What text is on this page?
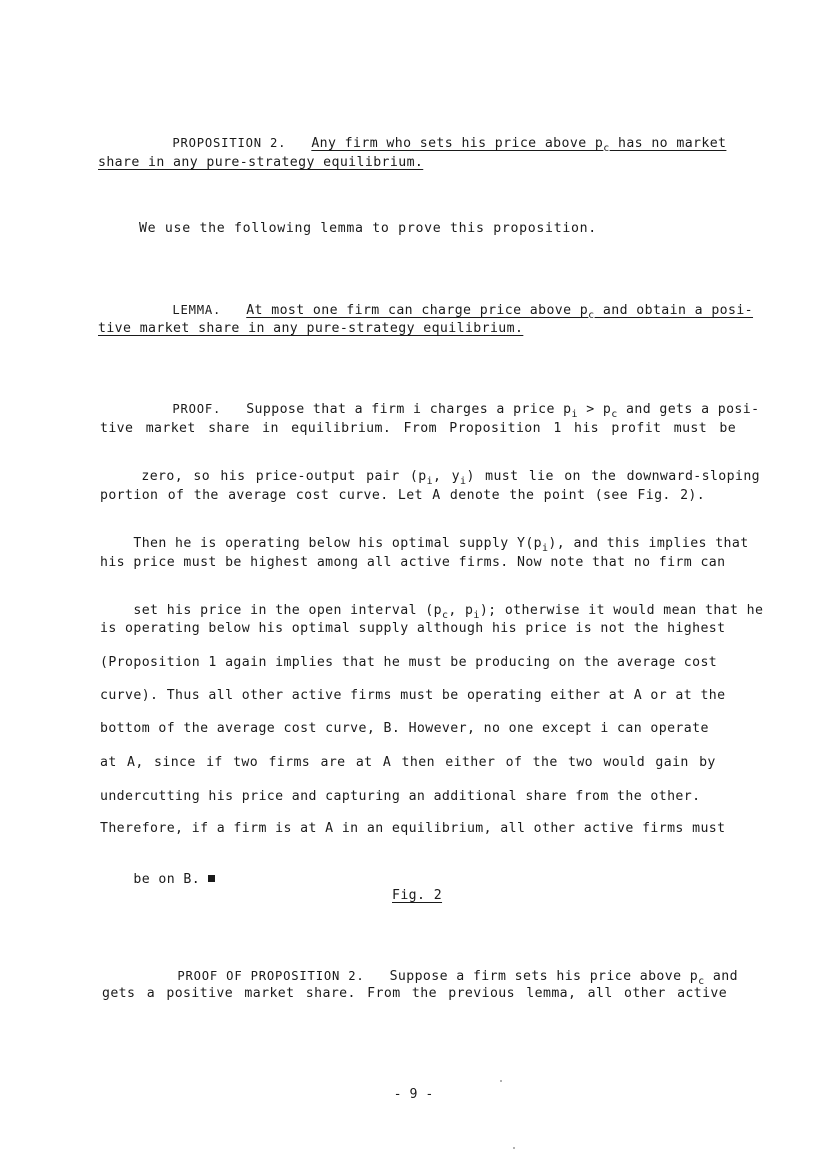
PROPOSITION 2. Any firm who sets his price above $p_c$ has no market

share in any pure-strategy equilibrium.
We use the following lemma to prove this proposition.

LEMMA. At most one firm can charge price above $p_c$ and obtain a posi-

tive market share in any pure-strategy equilibrium.

PROOF. Suppose that a firm i charges a price $p_i > p_c$ and gets a posi-

tive market share in equilibrium. From Proposition 1 his profit must be

zero, so his price-output pair ($p_i$, $y_i$) must lie on the downward-sloping

portion of the average cost curve. Let A denote the point (see Fig. 2).

Then he is operating below his optimal supply $Y(p_i)$, and this implies that

his price must be highest among all active firms. Now note that no firm can

set his price in the open interval ($p_c$, $p_i$); otherwise it would mean that he

is operating below his optimal supply although his price is not the highest
(Proposition 1 again implies that he must be producing on the average cost
curve). Thus all other active firms must be operating either at A or at the
bottom of the average cost curve, B. However, no one except i can operate
at A, since if two firms are at A then either of the two would gain by
undercutting his price and capturing an additional share from the other.
Therefore, if a firm is at A in an equilibrium, all other active firms must

be on B.

Fig. 2

PROOF OF PROPOSITION 2. Suppose a firm sets his price above $p_c$ and

gets a positive market share. From the previous lemma, all other active
- 9 -
